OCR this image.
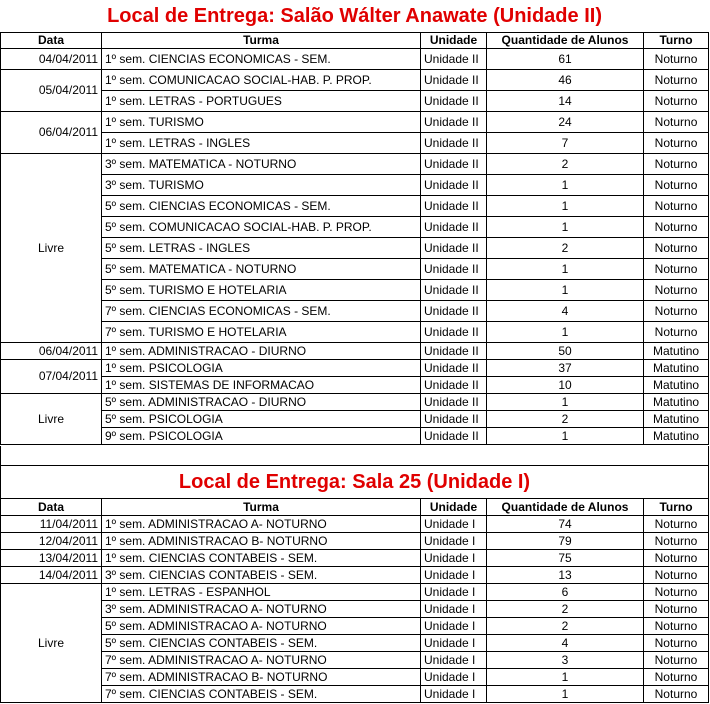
Local de Entrega: Salão Wálter Anawate (Unidade II)				
Data	Turma	Unidade	Quantidade de Alunos	Turno
04/04/2011	1º sem. CIENCIAS ECONOMICAS - SEM.	Unidade II	61	Noturno
05/04/2011	1º sem. COMUNICACAO SOCIAL-HAB. P. PROP.	Unidade II	46	Noturno
	1º sem. LETRAS - PORTUGUES	Unidade II	14	Noturno
06/04/2011	1º sem. TURISMO	Unidade II	24	Noturno
	1º sem. LETRAS - INGLES	Unidade II	7	Noturno
Livre	3º sem. MATEMATICA - NOTURNO	Unidade II	2	Noturno
	3º sem. TURISMO	Unidade II	1	Noturno
	5º sem. CIENCIAS ECONOMICAS - SEM.	Unidade II	1	Noturno
	5º sem. COMUNICACAO SOCIAL-HAB. P. PROP.	Unidade II	1	Noturno
	5º sem. LETRAS - INGLES	Unidade II	2	Noturno
	5º sem. MATEMATICA - NOTURNO	Unidade II	1	Noturno
	5º sem. TURISMO E HOTELARIA	Unidade II	1	Noturno
	7º sem. CIENCIAS ECONOMICAS - SEM.	Unidade II	4	Noturno
	7º sem. TURISMO E HOTELARIA	Unidade II	1	Noturno
06/04/2011	1º sem. ADMINISTRACAO - DIURNO	Unidade II	50	Matutino
07/04/2011	1º sem. PSICOLOGIA	Unidade II	37	Matutino
	1º sem. SISTEMAS DE INFORMACAO	Unidade II	10	Matutino
Livre	5º sem. ADMINISTRACAO - DIURNO	Unidade II	1	Matutino
	5º sem. PSICOLOGIA	Unidade II	2	Matutino
	9º sem. PSICOLOGIA	Unidade II	1	Matutino
Local de Entrega: Sala 25 (Unidade I)				
Data	Turma	Unidade	Quantidade de Alunos	Turno
11/04/2011	1º sem. ADMINISTRACAO A- NOTURNO	Unidade I	74	Noturno
12/04/2011	1º sem. ADMINISTRACAO B- NOTURNO	Unidade I	79	Noturno
13/04/2011	1º sem. CIENCIAS CONTABEIS - SEM.	Unidade I	75	Noturno
14/04/2011	3º sem. CIENCIAS CONTABEIS - SEM.	Unidade I	13	Noturno
Livre	1º sem. LETRAS - ESPANHOL	Unidade I	6	Noturno
	3º sem. ADMINISTRACAO A- NOTURNO	Unidade I	2	Noturno
	5º sem. ADMINISTRACAO A- NOTURNO	Unidade I	2	Noturno
	5º sem. CIENCIAS CONTABEIS - SEM.	Unidade I	4	Noturno
	7º sem. ADMINISTRACAO A- NOTURNO	Unidade I	3	Noturno
	7º sem. ADMINISTRACAO B- NOTURNO	Unidade I	1	Noturno
	7º sem. CIENCIAS CONTABEIS - SEM.	Unidade I	1	Noturno
